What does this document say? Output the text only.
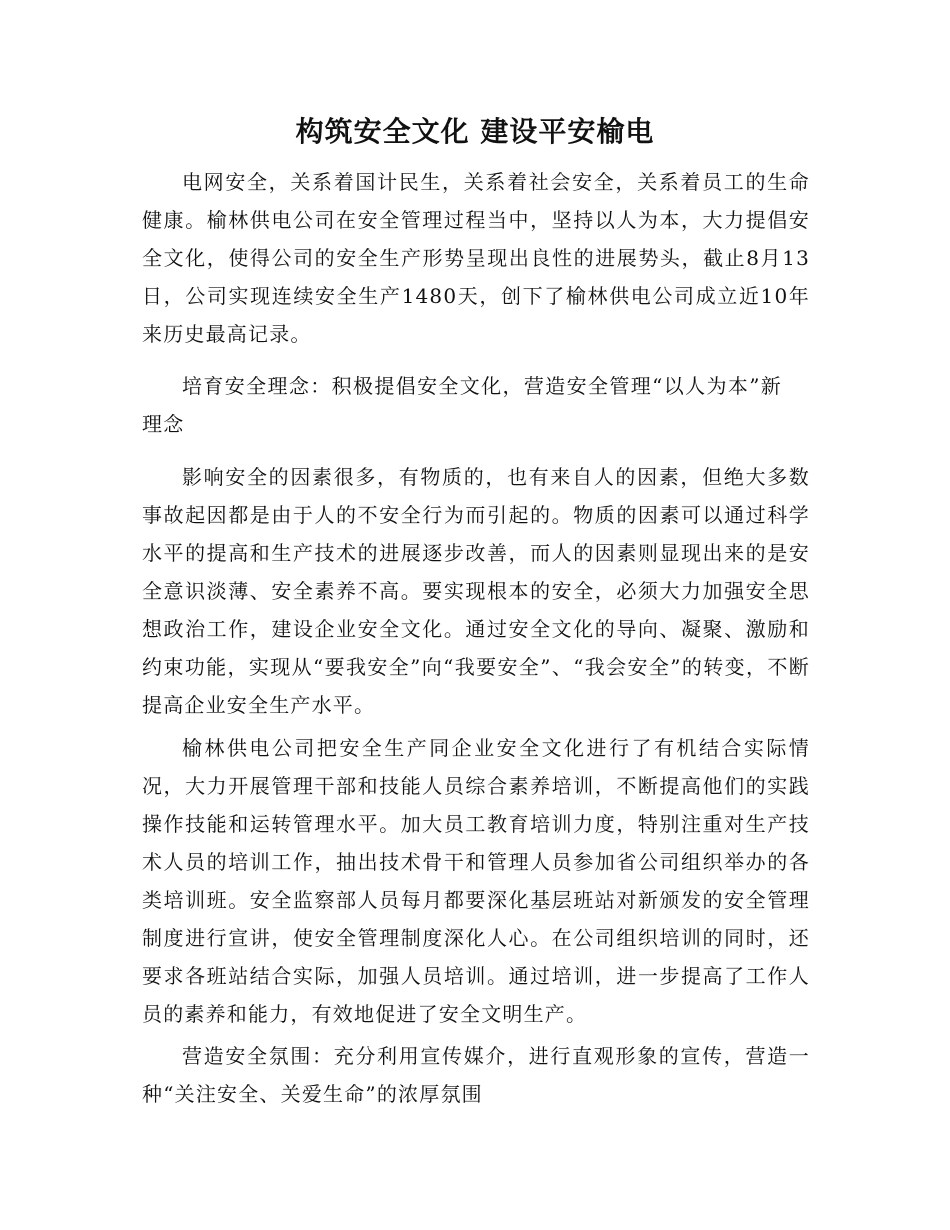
构筑安全文化 建设平安榆电

电网安全，关系着国计民生，关系着社会安全，关系着员工的生命健康。榆林供电公司在安全管理过程当中，坚持以人为本，大力提倡安全文化，使得公司的安全生产形势呈现出良性的进展势头，截止8月13日，公司实现连续安全生产1480天，创下了榆林供电公司成立近10年来历史最高记录。

培育安全理念：积极提倡安全文化，营造安全管理“以人为本”新理念

影响安全的因素很多，有物质的，也有来自人的因素，但绝大多数事故起因都是由于人的不安全行为而引起的。物质的因素可以通过科学水平的提高和生产技术的进展逐步改善，而人的因素则显现出来的是安全意识淡薄、安全素养不高。要实现根本的安全，必须大力加强安全思想政治工作，建设企业安全文化。通过安全文化的导向、凝聚、激励和约束功能，实现从“要我安全”向“我要安全”、“我会安全”的转变，不断提高企业安全生产水平。

榆林供电公司把安全生产同企业安全文化进行了有机结合实际情况，大力开展管理干部和技能人员综合素养培训，不断提高他们的实践操作技能和运转管理水平。加大员工教育培训力度，特别注重对生产技术人员的培训工作，抽出技术骨干和管理人员参加省公司组织举办的各类培训班。安全监察部人员每月都要深化基层班站对新颁发的安全管理制度进行宣讲，使安全管理制度深化人心。在公司组织培训的同时，还要求各班站结合实际，加强人员培训。通过培训，进一步提高了工作人员的素养和能力，有效地促进了安全文明生产。

营造安全氛围：充分利用宣传媒介，进行直观形象的宣传，营造一种“关注安全、关爱生命”的浓厚氛围
